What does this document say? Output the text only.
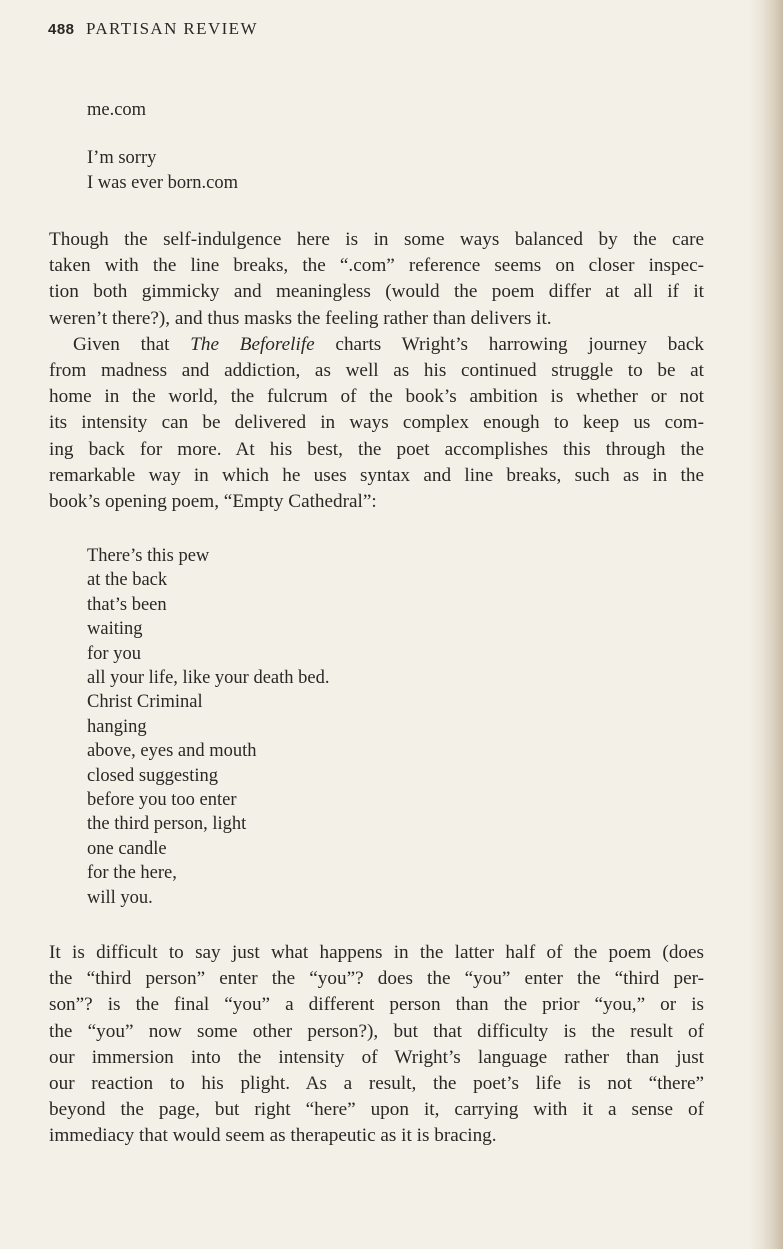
488 PARTISAN REVIEW
me.com
I’m sorry
I was ever born.com
Though the self-indulgence here is in some ways balanced by the care
taken with the line breaks, the “.com” reference seems on closer inspec-
tion both gimmicky and meaningless (would the poem differ at all if it
weren’t there?), and thus masks the feeling rather than delivers it.
Given that The Beforelife charts Wright’s harrowing journey back
from madness and addiction, as well as his continued struggle to be at
home in the world, the fulcrum of the book’s ambition is whether or not
its intensity can be delivered in ways complex enough to keep us com-
ing back for more. At his best, the poet accomplishes this through the
remarkable way in which he uses syntax and line breaks, such as in the
book’s opening poem, “Empty Cathedral”:
There’s this pew
at the back
that’s been
waiting
for you
all your life, like your death bed.
Christ Criminal
hanging
above, eyes and mouth
closed suggesting
before you too enter
the third person, light
one candle
for the here,
will you.
It is difficult to say just what happens in the latter half of the poem (does
the “third person” enter the “you”? does the “you” enter the “third per-
son”? is the final “you” a different person than the prior “you,” or is
the “you” now some other person?), but that difficulty is the result of
our immersion into the intensity of Wright’s language rather than just
our reaction to his plight. As a result, the poet’s life is not “there”
beyond the page, but right “here” upon it, carrying with it a sense of
immediacy that would seem as therapeutic as it is bracing.
